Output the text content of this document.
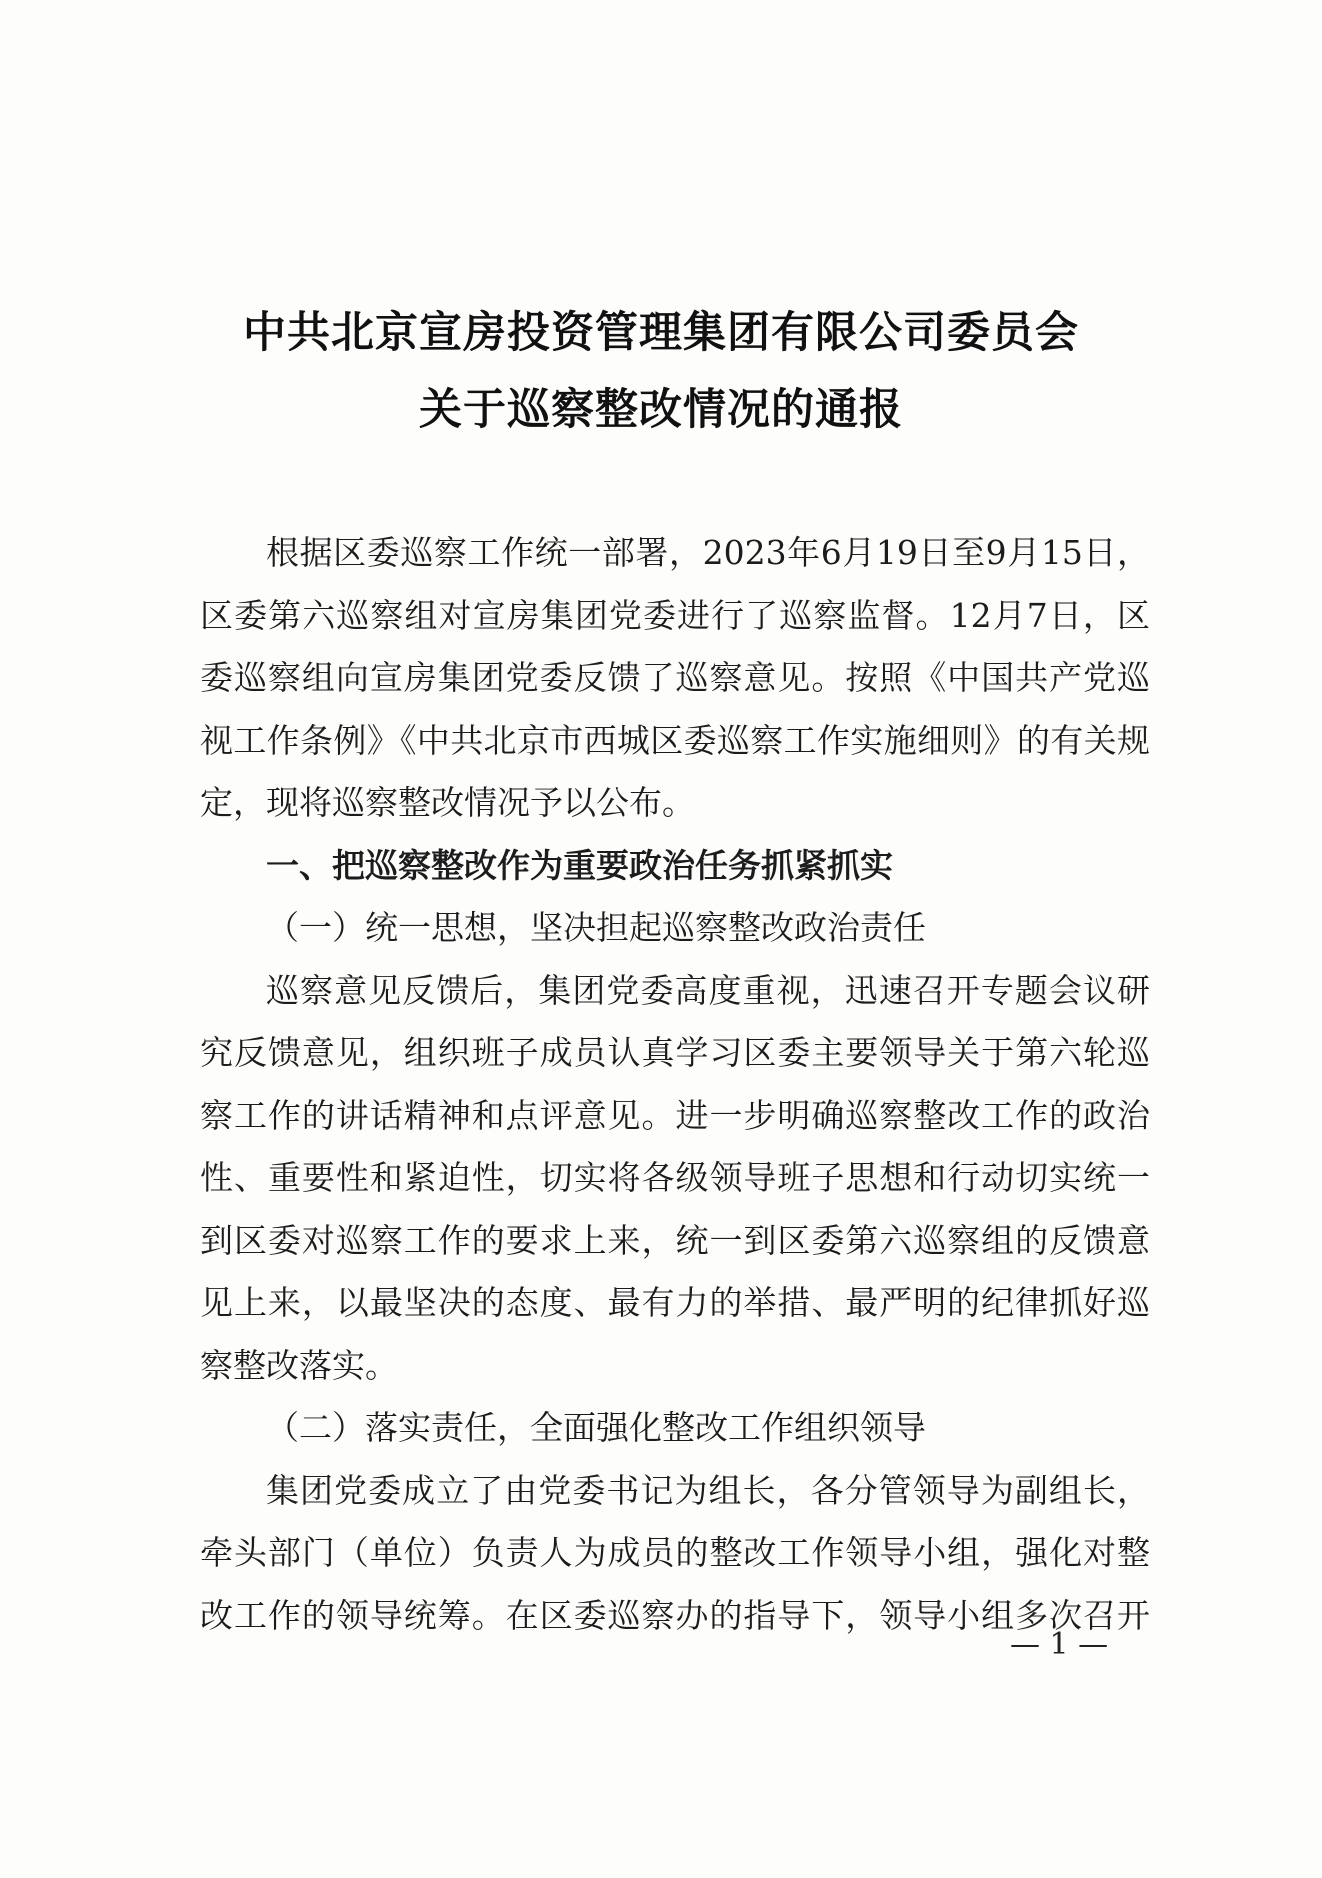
中共北京宣房投资管理集团有限公司委员会
关于巡察整改情况的通报
根据区委巡察工作统一部署，2023年6月19日至9月15日，
区委第六巡察组对宣房集团党委进行了巡察监督。12月7日，区
委巡察组向宣房集团党委反馈了巡察意见。按照《中国共产党巡
视工作条例》《中共北京市西城区委巡察工作实施细则》的有关规
定，现将巡察整改情况予以公布。
一、把巡察整改作为重要政治任务抓紧抓实
（一）统一思想，坚决担起巡察整改政治责任
巡察意见反馈后，集团党委高度重视，迅速召开专题会议研
究反馈意见，组织班子成员认真学习区委主要领导关于第六轮巡
察工作的讲话精神和点评意见。进一步明确巡察整改工作的政治
性、重要性和紧迫性，切实将各级领导班子思想和行动切实统一
到区委对巡察工作的要求上来，统一到区委第六巡察组的反馈意
见上来，以最坚决的态度、最有力的举措、最严明的纪律抓好巡
察整改落实。
（二）落实责任，全面强化整改工作组织领导
集团党委成立了由党委书记为组长，各分管领导为副组长，
牵头部门（单位）负责人为成员的整改工作领导小组，强化对整
改工作的领导统筹。在区委巡察办的指导下，领导小组多次召开
— 1 —
